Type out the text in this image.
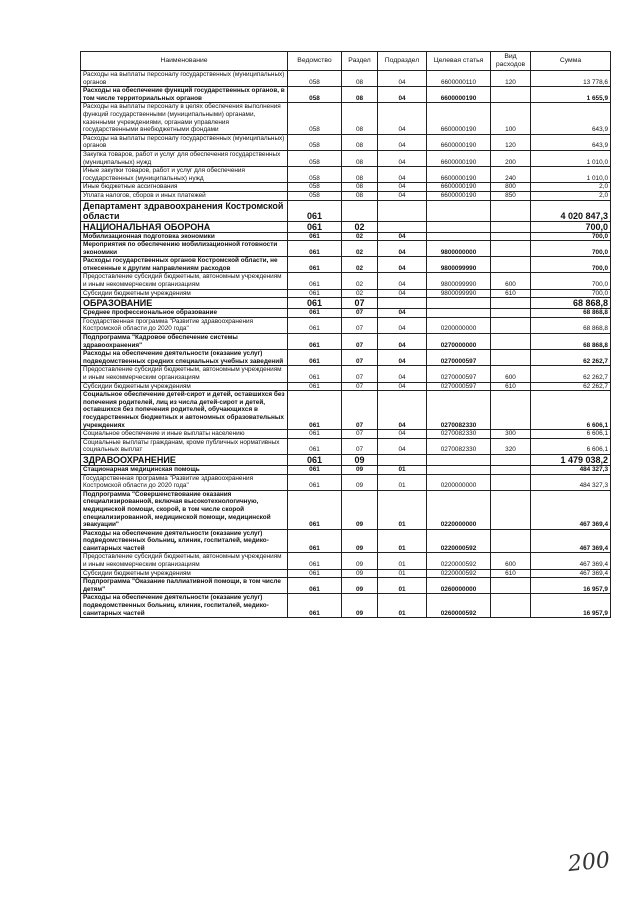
Наименование	Ведомство	Раздел	Подраздел	Целевая статья	Вид расходов	Сумма
Расходы на выплаты персоналу государственных (муниципальных) органов	058	08	04	6600000110	120	13 778,6
Расходы на обеспечение функций государственных органов, в том числе территориальных органов	058	08	04	6600000190		1 655,9
Расходы на выплаты персоналу в целях обеспечения выполнения функций государственными (муниципальными) органами, казенными учреждениями, органами управления государственными внебюджетными фондами	058	08	04	6600000190	100	643,9
Расходы на выплаты персоналу государственных (муниципальных) органов	058	08	04	6600000190	120	643,9
Закупка товаров, работ и услуг для обеспечения государственных (муниципальных) нужд	058	08	04	6600000190	200	1 010,0
Иные закупки товаров, работ и услуг для обеспечения государственных (муниципальных) нужд	058	08	04	6600000190	240	1 010,0
Иные бюджетные ассигнования	058	08	04	6600000190	800	2,0
Уплата налогов, сборов и иных платежей	058	08	04	6600000190	850	2,0
Департамент здравоохранения Костромской области	061					4 020 847,3
НАЦИОНАЛЬНАЯ ОБОРОНА	061	02				700,0
Мобилизационная подготовка экономики	061	02	04			700,0
Мероприятия по обеспечению мобилизационной готовности экономики	061	02	04	9800000000		700,0
Расходы государственных органов Костромской области, не отнесенные к другим направлениям расходов	061	02	04	9800099990		700,0
Предоставление субсидий бюджетным, автономным учреждениям и иным некоммерческим организациям	061	02	04	9800099990	600	700,0
Субсидии бюджетным учреждениям	061	02	04	9800099990	610	700,0
ОБРАЗОВАНИЕ	061	07				68 868,8
Среднее профессиональное образование	061	07	04			68 868,8
Государственная программа "Развитие здравоохранения Костромской области до 2020 года"	061	07	04	0200000000		68 868,8
Подпрограмма "Кадровое обеспечение системы здравоохранения"	061	07	04	0270000000		68 868,8
Расходы на обеспечение деятельности (оказание услуг) подведомственных средних специальных учебных заведений	061	07	04	0270000597		62 262,7
Предоставление субсидий бюджетным, автономным учреждениям и иным некоммерческим организациям	061	07	04	0270000597	600	62 262,7
Субсидии бюджетным учреждениям	061	07	04	0270000597	610	62 262,7
Социальное обеспечение детей-сирот и детей, оставшихся без попечения родителей, лиц из числа детей-сирот и детей, оставшихся без попечения родителей, обучающихся в государственных бюджетных и автономных образовательных учреждениях	061	07	04	0270082330		6 606,1
Социальное обеспечение и иные выплаты населению	061	07	04	0270082330	300	6 606,1
Социальные выплаты гражданам, кроме публичных нормативных социальных выплат	061	07	04	0270082330	320	6 606,1
ЗДРАВООХРАНЕНИЕ	061	09				1 479 038,2
Стационарная медицинская помощь	061	09	01			484 327,3
Государственная программа "Развитие здравоохранения Костромской области до 2020 года"	061	09	01	0200000000		484 327,3
Подпрограмма "Совершенствование оказания специализированной, включая высокотехнологичную, медицинской помощи, скорой, в том числе скорой специализированной, медицинской помощи, медицинской эвакуации"	061	09	01	0220000000		467 369,4
Расходы на обеспечение деятельности (оказание услуг) подведомственных больниц, клиник, госпиталей, медико-санитарных частей	061	09	01	0220000592		467 369,4
Предоставление субсидий бюджетным, автономным учреждениям и иным некоммерческим организациям	061	09	01	0220000592	600	467 369,4
Субсидии бюджетным учреждениям	061	09	01	0220000592	610	467 369,4
Подпрограмма "Оказание паллиативной помощи, в том числе детям"	061	09	01	0260000000		16 957,9
Расходы на обеспечение деятельности (оказание услуг) подведомственных больниц, клиник, госпиталей, медико-санитарных частей	061	09	01	0260000592		16 957,9
200
